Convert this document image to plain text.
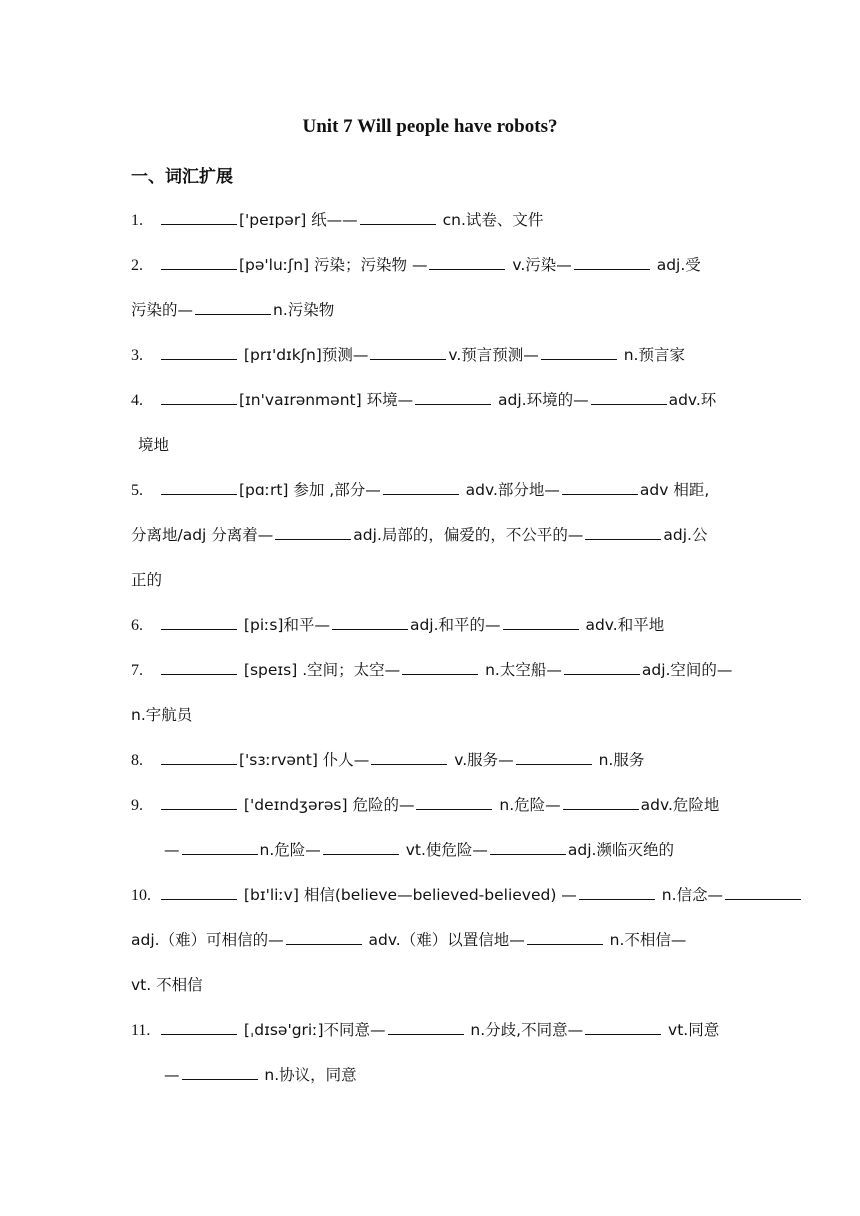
Unit 7 Will people have robots?
一、词汇扩展
1.	['peɪpər] 纸——	cn.试卷、文件
2.	[pə'luːʃn] 污染；污染物 —	v.污染—	adj.受
污染的—	n.污染物
3.	[prɪ'dɪkʃn]预测—	v.预言预测—	n.预言家
4.	[ɪn'vaɪrənmənt] 环境—	adj.环境的—	adv.环
境地
5.	[pɑːrt] 参加 ,部分—	adv.部分地—	adv 相距,
分离地/adj 分离着—	adj.局部的，偏爱的，不公平的—	adj.公
正的
6.	[piːs]和平—	adj.和平的—	adv.和平地
7.	[speɪs] .空间；太空—	n.太空船—	adj.空间的—
n.宇航员
8.	['sɜːrvənt] 仆人—	v.服务—	n.服务
9.	['deɪndʒərəs] 危险的—	n.危险—	adv.危险地
—	n.危险—	vt.使危险—	adj.濒临灭绝的
10.	[bɪ'liːv] 相信(believe—believed-believed) —	n.信念—
adj.（难）可相信的—	adv.（难）以置信地—	n.不相信—
vt. 不相信
11.	[ˌdɪsə'griː]不同意—	n.分歧,不同意—	vt.同意
—	n.协议，同意
